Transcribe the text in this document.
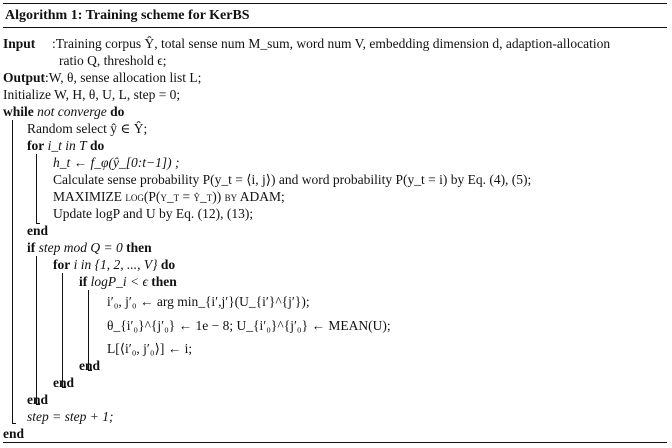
Algorithm 1: Training scheme for KerBS
Input :Training corpus Ŷ, total sense num M_sum, word num V, embedding dimension d, adaption-allocation
ratio Q, threshold ϵ;
Output:W, θ, sense allocation list L;
Initialize W, H, θ, U, L, step = 0;
while not converge do
Random select ŷ ∈ Ŷ;
for i_t in T do
h_t ← f_φ(ŷ_[0:t−1]) ;
Calculate sense probability P(y_t = ⟨i, j⟩) and word probability P(y_t = i) by Eq. (4), (5);
MAXIMIZE log(P(y_t = ŷ_t)) by ADAM;
Update logP and U by Eq. (12), (13);
end
if step mod Q = 0 then
for i in {1, 2, ..., V} do
if logP_i < ϵ then
i′₀, j′₀ ← arg min_{i′,j′}(U_{i′}^{j′});
θ_{i′₀}^{j′₀} ← 1e − 8; U_{i′₀}^{j′₀} ← MEAN(U);
L[⟨i′₀, j′₀⟩] ← i;
end
end
end
step = step + 1;
end
